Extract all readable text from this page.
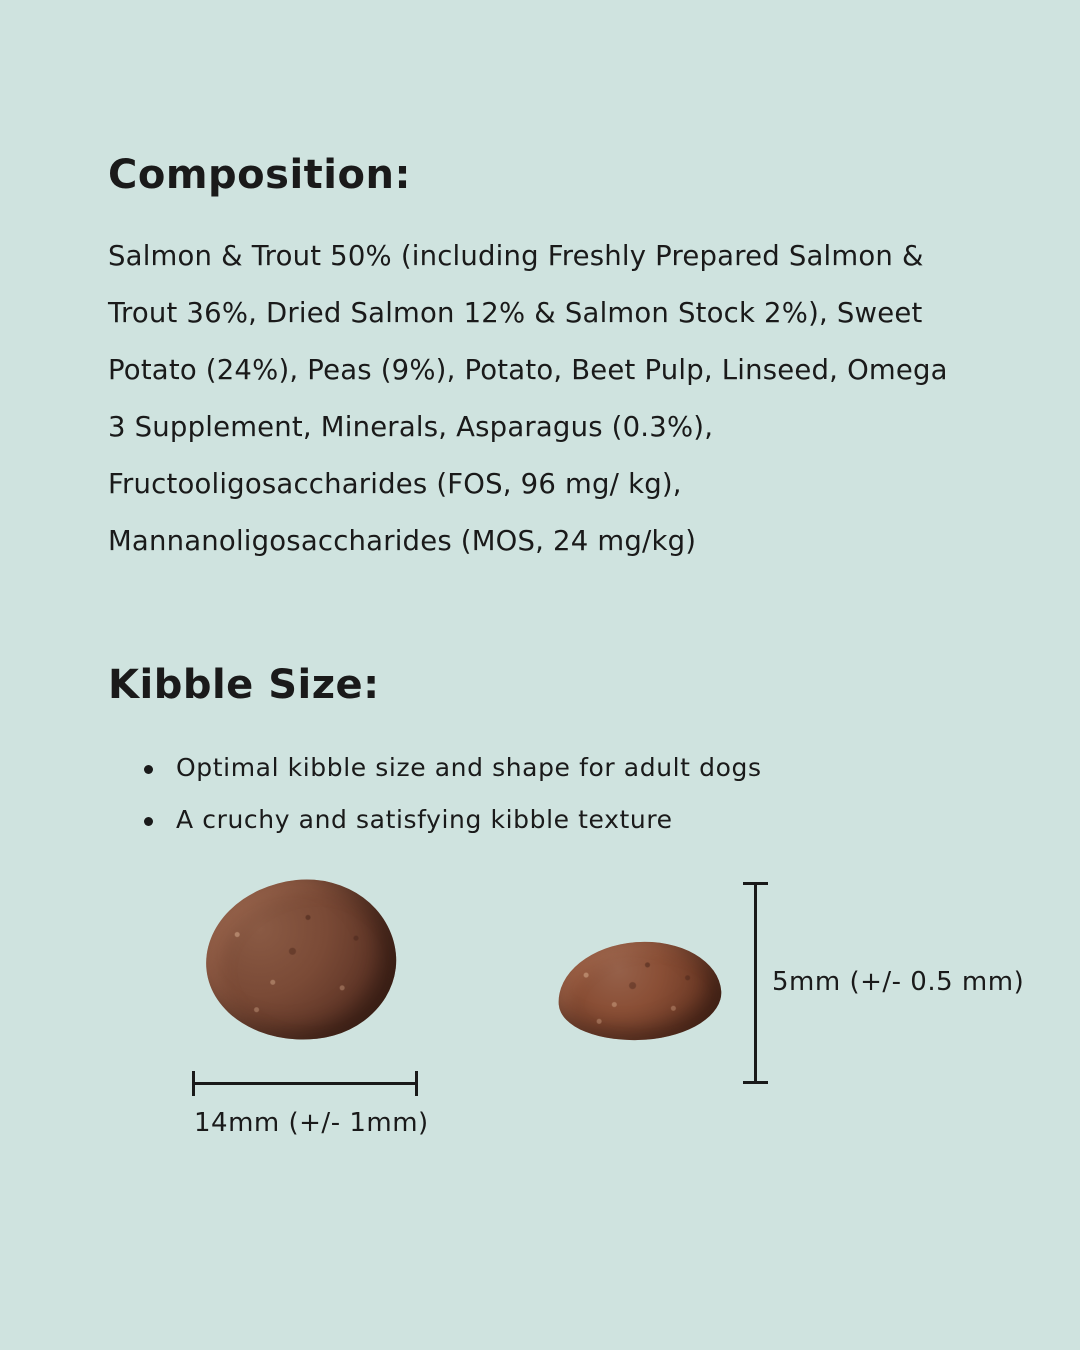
Composition:

Salmon & Trout 50% (including Freshly Prepared Salmon & Trout 36%, Dried Salmon 12% & Salmon Stock 2%), Sweet Potato (24%), Peas (9%), Potato, Beet Pulp, Linseed, Omega 3 Supplement, Minerals, Asparagus (0.3%), Fructooligosaccharides (FOS, 96 mg/ kg), Mannanoligosaccharides (MOS, 24 mg/kg)

Kibble Size:
Optimal kibble size and shape for adult dogs
A cruchy and satisfying kibble texture
14mm (+/- 1mm)
5mm (+/- 0.5 mm)
